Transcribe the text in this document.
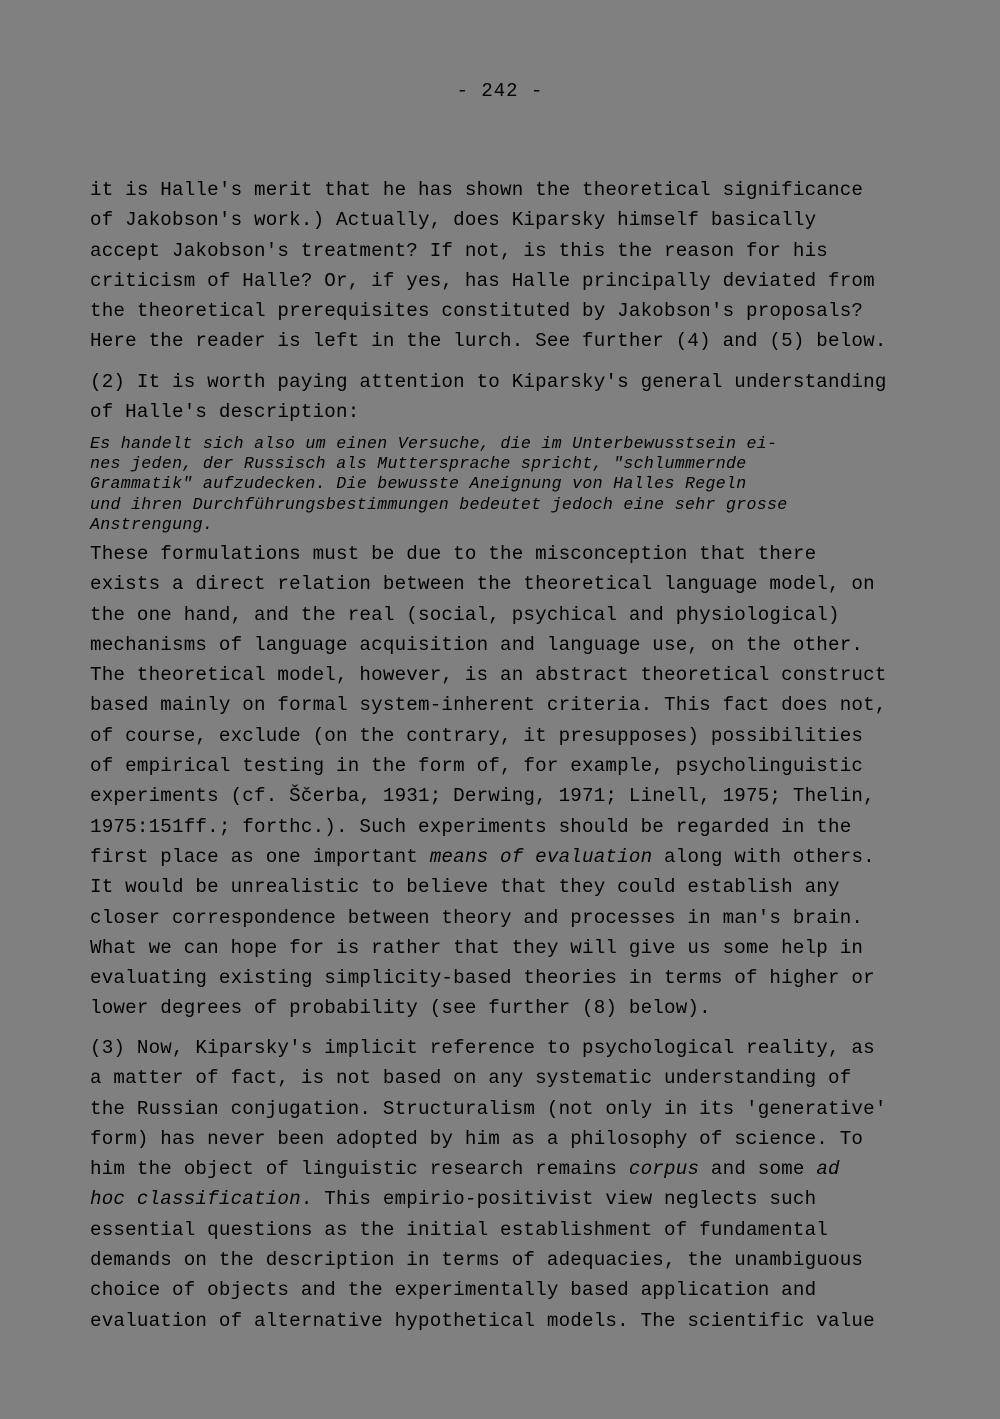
- 242 -
it is Halle's merit that he has shown the theoretical significance
of Jakobson's work.) Actually, does Kiparsky himself basically
accept Jakobson's treatment? If not, is this the reason for his
criticism of Halle? Or, if yes, has Halle principally deviated from
the theoretical prerequisites constituted by Jakobson's proposals?
Here the reader is left in the lurch. See further (4) and (5) below.
(2) It is worth paying attention to Kiparsky's general understanding
of Halle's description:
Es handelt sich also um einen Versuche, die im Unterbewusstsein ei-
nes jeden, der Russisch als Muttersprache spricht, "schlummernde
Grammatik" aufzudecken. Die bewusste Aneignung von Halles Regeln
und ihren Durchführungsbestimmungen bedeutet jedoch eine sehr grosse
Anstrengung.
These formulations must be due to the misconception that there
exists a direct relation between the theoretical language model, on
the one hand, and the real (social, psychical and physiological)
mechanisms of language acquisition and language use, on the other.
The theoretical model, however, is an abstract theoretical construct
based mainly on formal system-inherent criteria. This fact does not,
of course, exclude (on the contrary, it presupposes) possibilities
of empirical testing in the form of, for example, psycholinguistic
experiments (cf. Ščerba, 1931; Derwing, 1971; Linell, 1975; Thelin,
1975:151ff.; forthc.). Such experiments should be regarded in the
first place as one important means of evaluation along with others.
It would be unrealistic to believe that they could establish any
closer correspondence between theory and processes in man's brain.
What we can hope for is rather that they will give us some help in
evaluating existing simplicity-based theories in terms of higher or
lower degrees of probability (see further (8) below).
(3) Now, Kiparsky's implicit reference to psychological reality, as
a matter of fact, is not based on any systematic understanding of
the Russian conjugation. Structuralism (not only in its 'generative'
form) has never been adopted by him as a philosophy of science. To
him the object of linguistic research remains corpus and some ad
hoc classification. This empirio-positivist view neglects such
essential questions as the initial establishment of fundamental
demands on the description in terms of adequacies, the unambiguous
choice of objects and the experimentally based application and
evaluation of alternative hypothetical models. The scientific value
